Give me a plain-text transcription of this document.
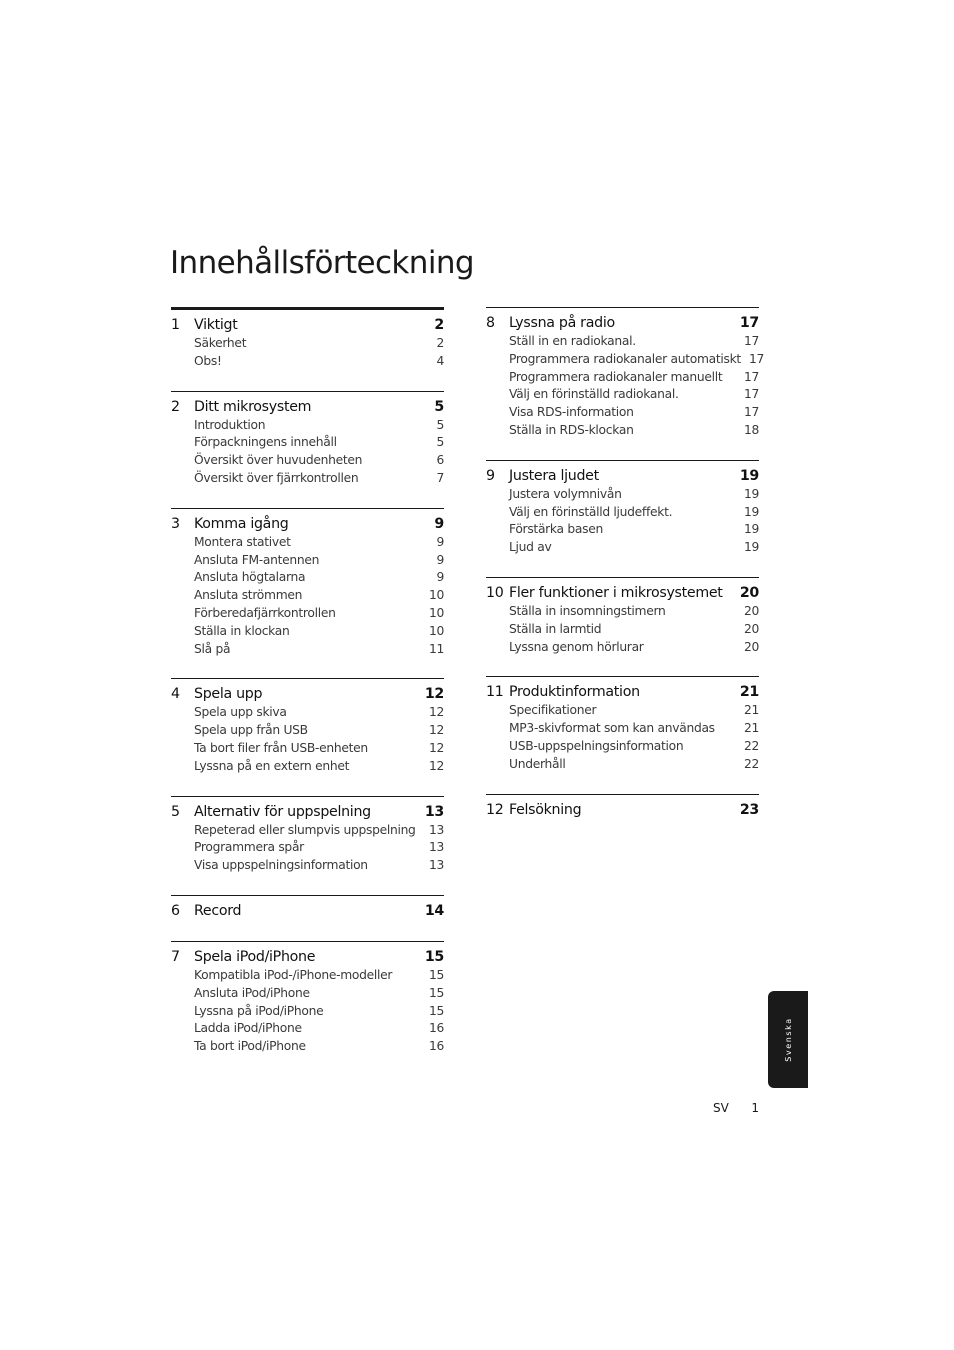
Innehållsförteckning
1	Viktigt	2
Säkerhet	2
Obs!	4
2	Ditt mikrosystem	5
Introduktion	5
Förpackningens innehåll	5
Översikt över huvudenheten	6
Översikt över fjärrkontrollen	7
3	Komma igång	9
Montera stativet	9
Ansluta FM-antennen	9
Ansluta högtalarna	9
Ansluta strömmen	10
Förberedafjärrkontrollen	10
Ställa in klockan	10
Slå på	11
4	Spela upp	12
Spela upp skiva	12
Spela upp från USB	12
Ta bort filer från USB-enheten	12
Lyssna på en extern enhet	12
5	Alternativ för uppspelning	13
Repeterad eller slumpvis uppspelning	13
Programmera spår	13
Visa uppspelningsinformation	13
6	Record	14
7	Spela iPod/iPhone	15
Kompatibla iPod-/iPhone-modeller	15
Ansluta iPod/iPhone	15
Lyssna på iPod/iPhone	15
Ladda iPod/iPhone	16
Ta bort iPod/iPhone	16
8	Lyssna på radio	17
Ställ in en radiokanal.	17
Programmera radiokanaler automatiskt 17
Programmera radiokanaler manuellt	17
Välj en förinställd radiokanal.	17
Visa RDS-information	17
Ställa in RDS-klockan	18
9	Justera ljudet	19
Justera volymnivån	19
Välj en förinställd ljudeffekt.	19
Förstärka basen	19
Ljud av	19
10 Fler funktioner i mikrosystemet	20
Ställa in insomningstimern	20
Ställa in larmtid	20
Lyssna genom hörlurar	20
11 Produktinformation	21
Specifikationer	21
MP3-skivformat som kan användas	21
USB-uppspelningsinformation	22
Underhåll	22
12 Felsökning	23
Svenska
SV 1
